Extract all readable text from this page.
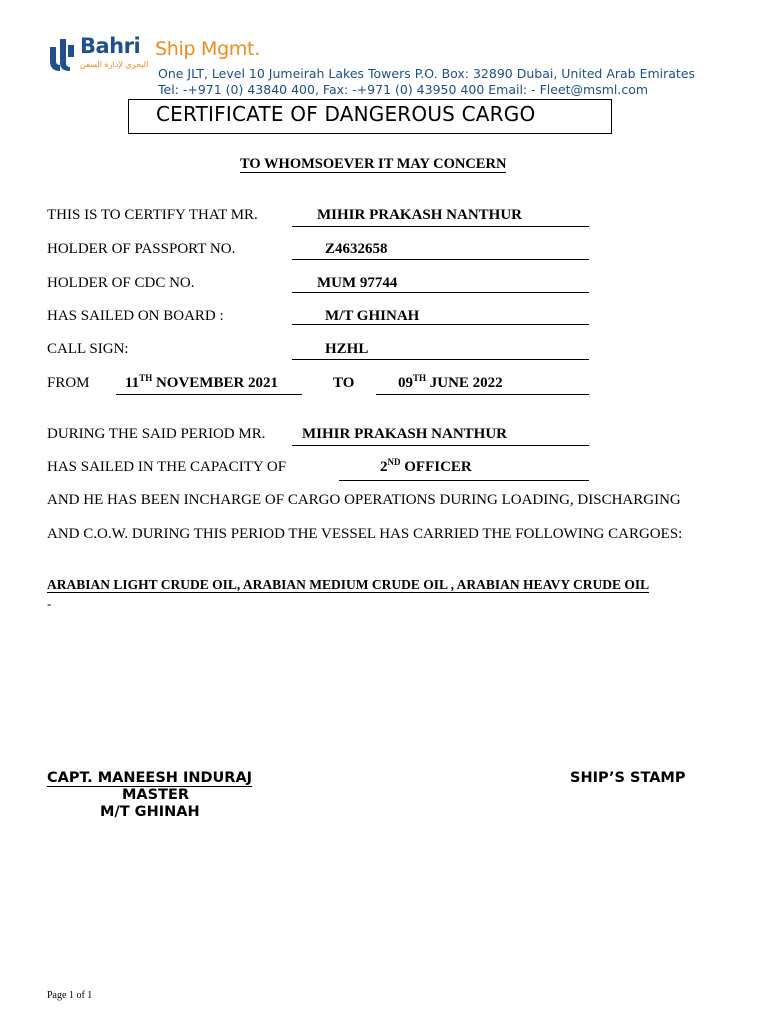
Bahri Ship Mgmt.
البحري لإدارة السفن
One JLT, Level 10 Jumeirah Lakes Towers P.O. Box: 32890 Dubai, United Arab Emirates
Tel: -+971 (0) 43840 400, Fax: -+971 (0) 43950 400 Email: - Fleet@msml.com
CERTIFICATE OF DANGEROUS CARGO
TO WHOMSOEVER IT MAY CONCERN
THIS IS TO CERTIFY THAT MR.	MIHIR PRAKASH NANTHUR
HOLDER OF PASSPORT NO.	Z4632658
HOLDER OF CDC NO.	MUM 97744
HAS SAILED ON BOARD :	M/T GHINAH
CALL SIGN:	HZHL
FROM 11TH NOVEMBER 2021	TO	09TH JUNE 2022
DURING THE SAID PERIOD MR. MIHIR PRAKASH NANTHUR
HAS SAILED IN THE CAPACITY OF	2ND OFFICER
AND HE HAS BEEN INCHARGE OF CARGO OPERATIONS DURING LOADING, DISCHARGING
AND C.O.W. DURING THIS PERIOD THE VESSEL HAS CARRIED THE FOLLOWING CARGOES:
ARABIAN LIGHT CRUDE OIL, ARABIAN MEDIUM CRUDE OIL , ARABIAN HEAVY CRUDE OIL
-
CAPT. MANEESH INDURAJ
MASTER
M/T GHINAH
SHIP’S STAMP
Page 1 of 1
